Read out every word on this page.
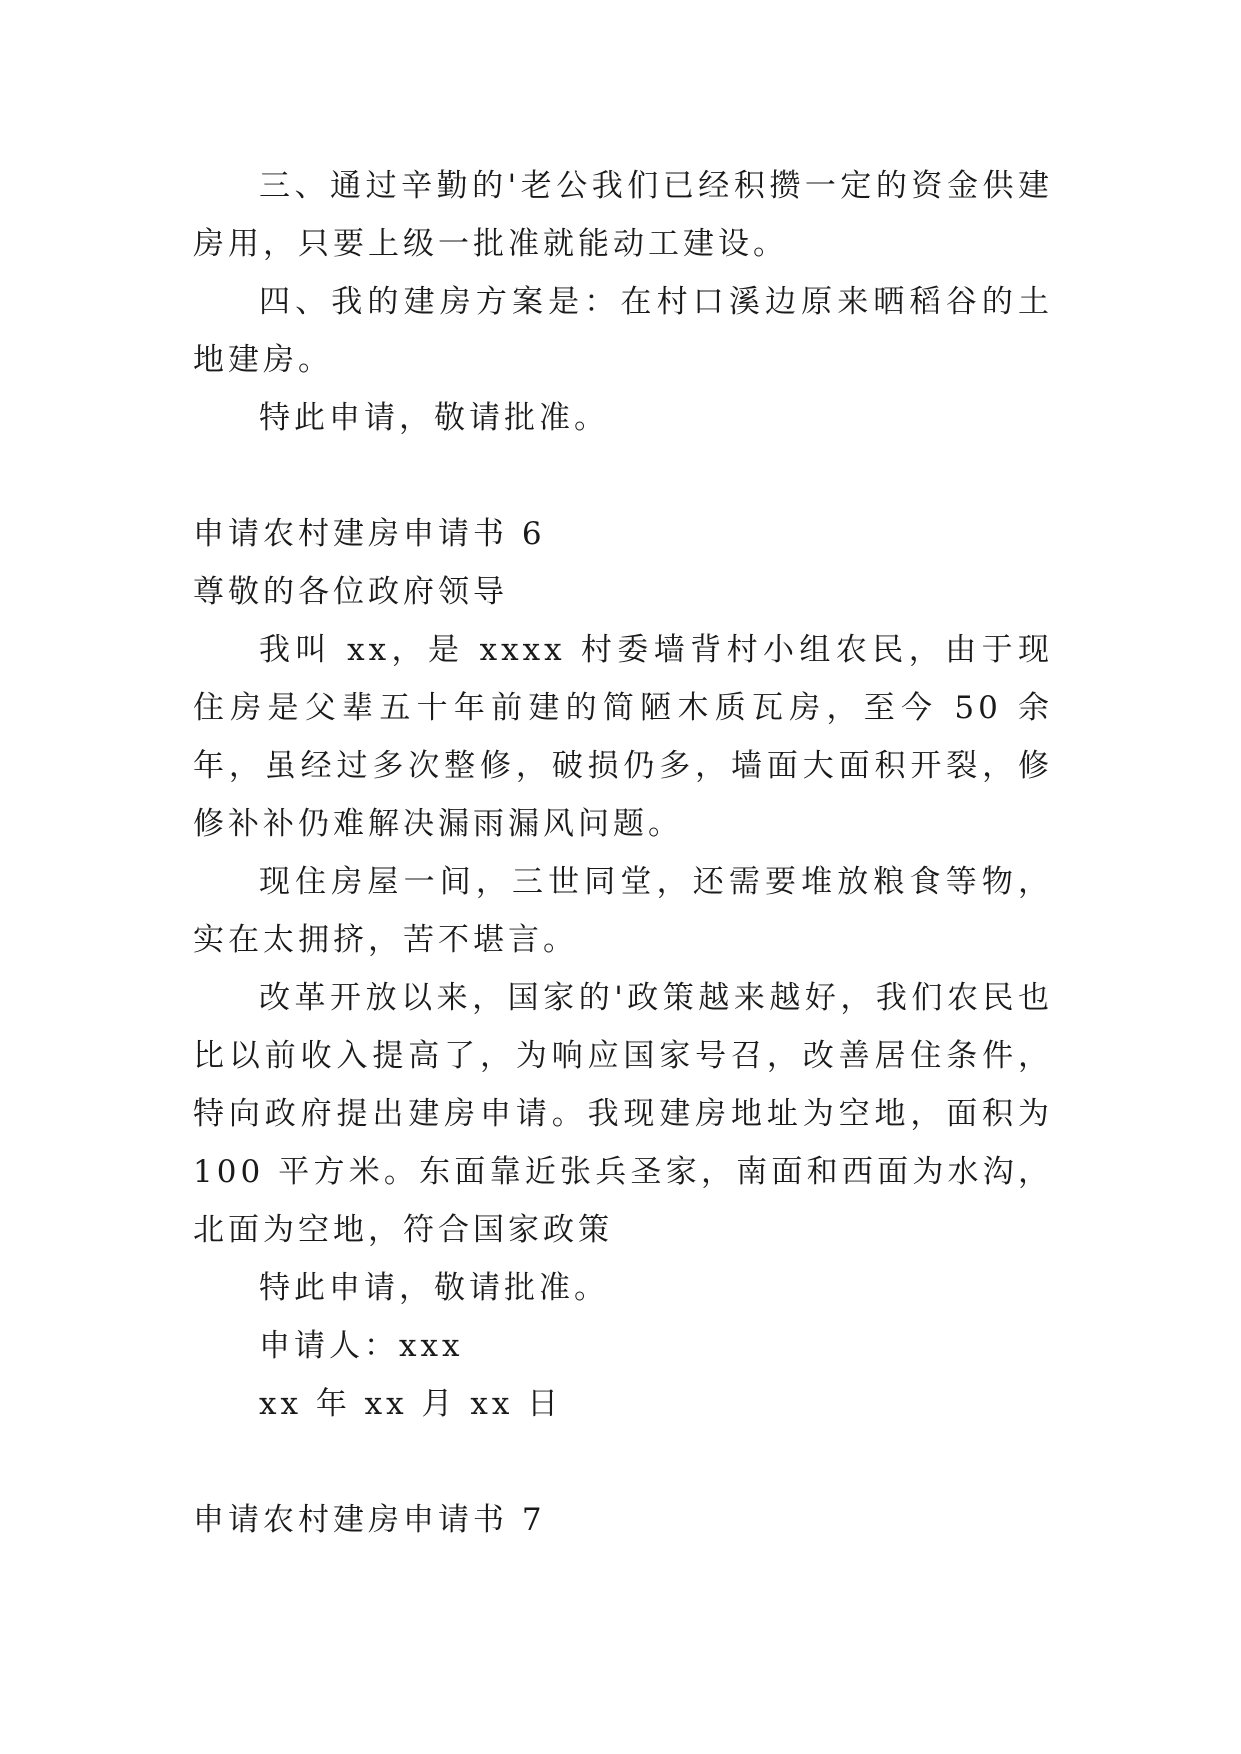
三、通过辛勤的'老公我们已经积攒一定的资金供建房用，只要上级一批准就能动工建设。

四、我的建房方案是：在村口溪边原来晒稻谷的土地建房。

特此申请，敬请批准。

申请农村建房申请书 6

尊敬的各位政府领导

我叫 xx，是 xxxx 村委墙背村小组农民，由于现住房是父辈五十年前建的简陋木质瓦房，至今 50 余年，虽经过多次整修，破损仍多，墙面大面积开裂，修修补补仍难解决漏雨漏风问题。

现住房屋一间，三世同堂，还需要堆放粮食等物，实在太拥挤，苦不堪言。

改革开放以来，国家的'政策越来越好，我们农民也比以前收入提高了，为响应国家号召，改善居住条件，特向政府提出建房申请。我现建房地址为空地，面积为 100 平方米。东面靠近张兵圣家，南面和西面为水沟，北面为空地，符合国家政策

特此申请，敬请批准。

申请人：xxx

xx 年 xx 月 xx 日

申请农村建房申请书 7
